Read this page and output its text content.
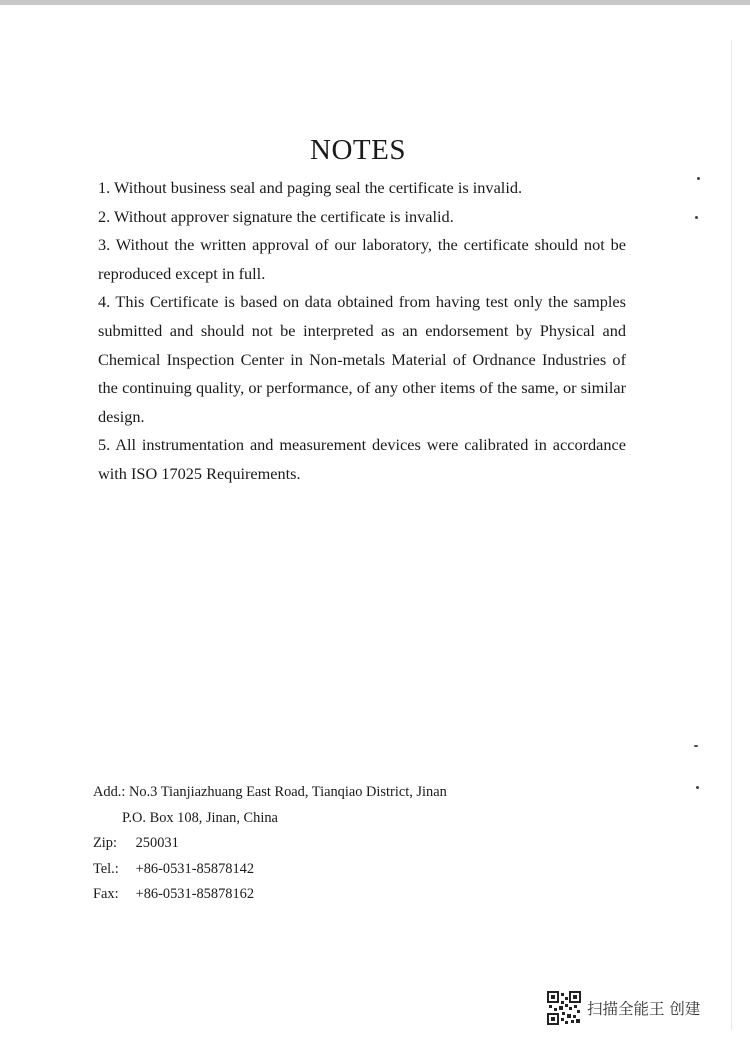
NOTES
1. Without business seal and paging seal the certificate is invalid.
2. Without approver signature the certificate is invalid.
3. Without the written approval of our laboratory, the certificate should not be reproduced except in full.
4. This Certificate is based on data obtained from having test only the samples submitted and should not be interpreted as an endorsement by Physical and Chemical Inspection Center in Non-metals Material of Ordnance Industries of the continuing quality, or performance, of any other items of the same, or similar design.
5. All instrumentation and measurement devices were calibrated in accordance with ISO 17025 Requirements.
Add.: No.3 Tianjiazhuang East Road, Tianqiao District, Jinan
P.O. Box 108, Jinan, China
Zip: 250031
Tel.: +86-0531-85878142
Fax: +86-0531-85878162
扫描全能王 创建
